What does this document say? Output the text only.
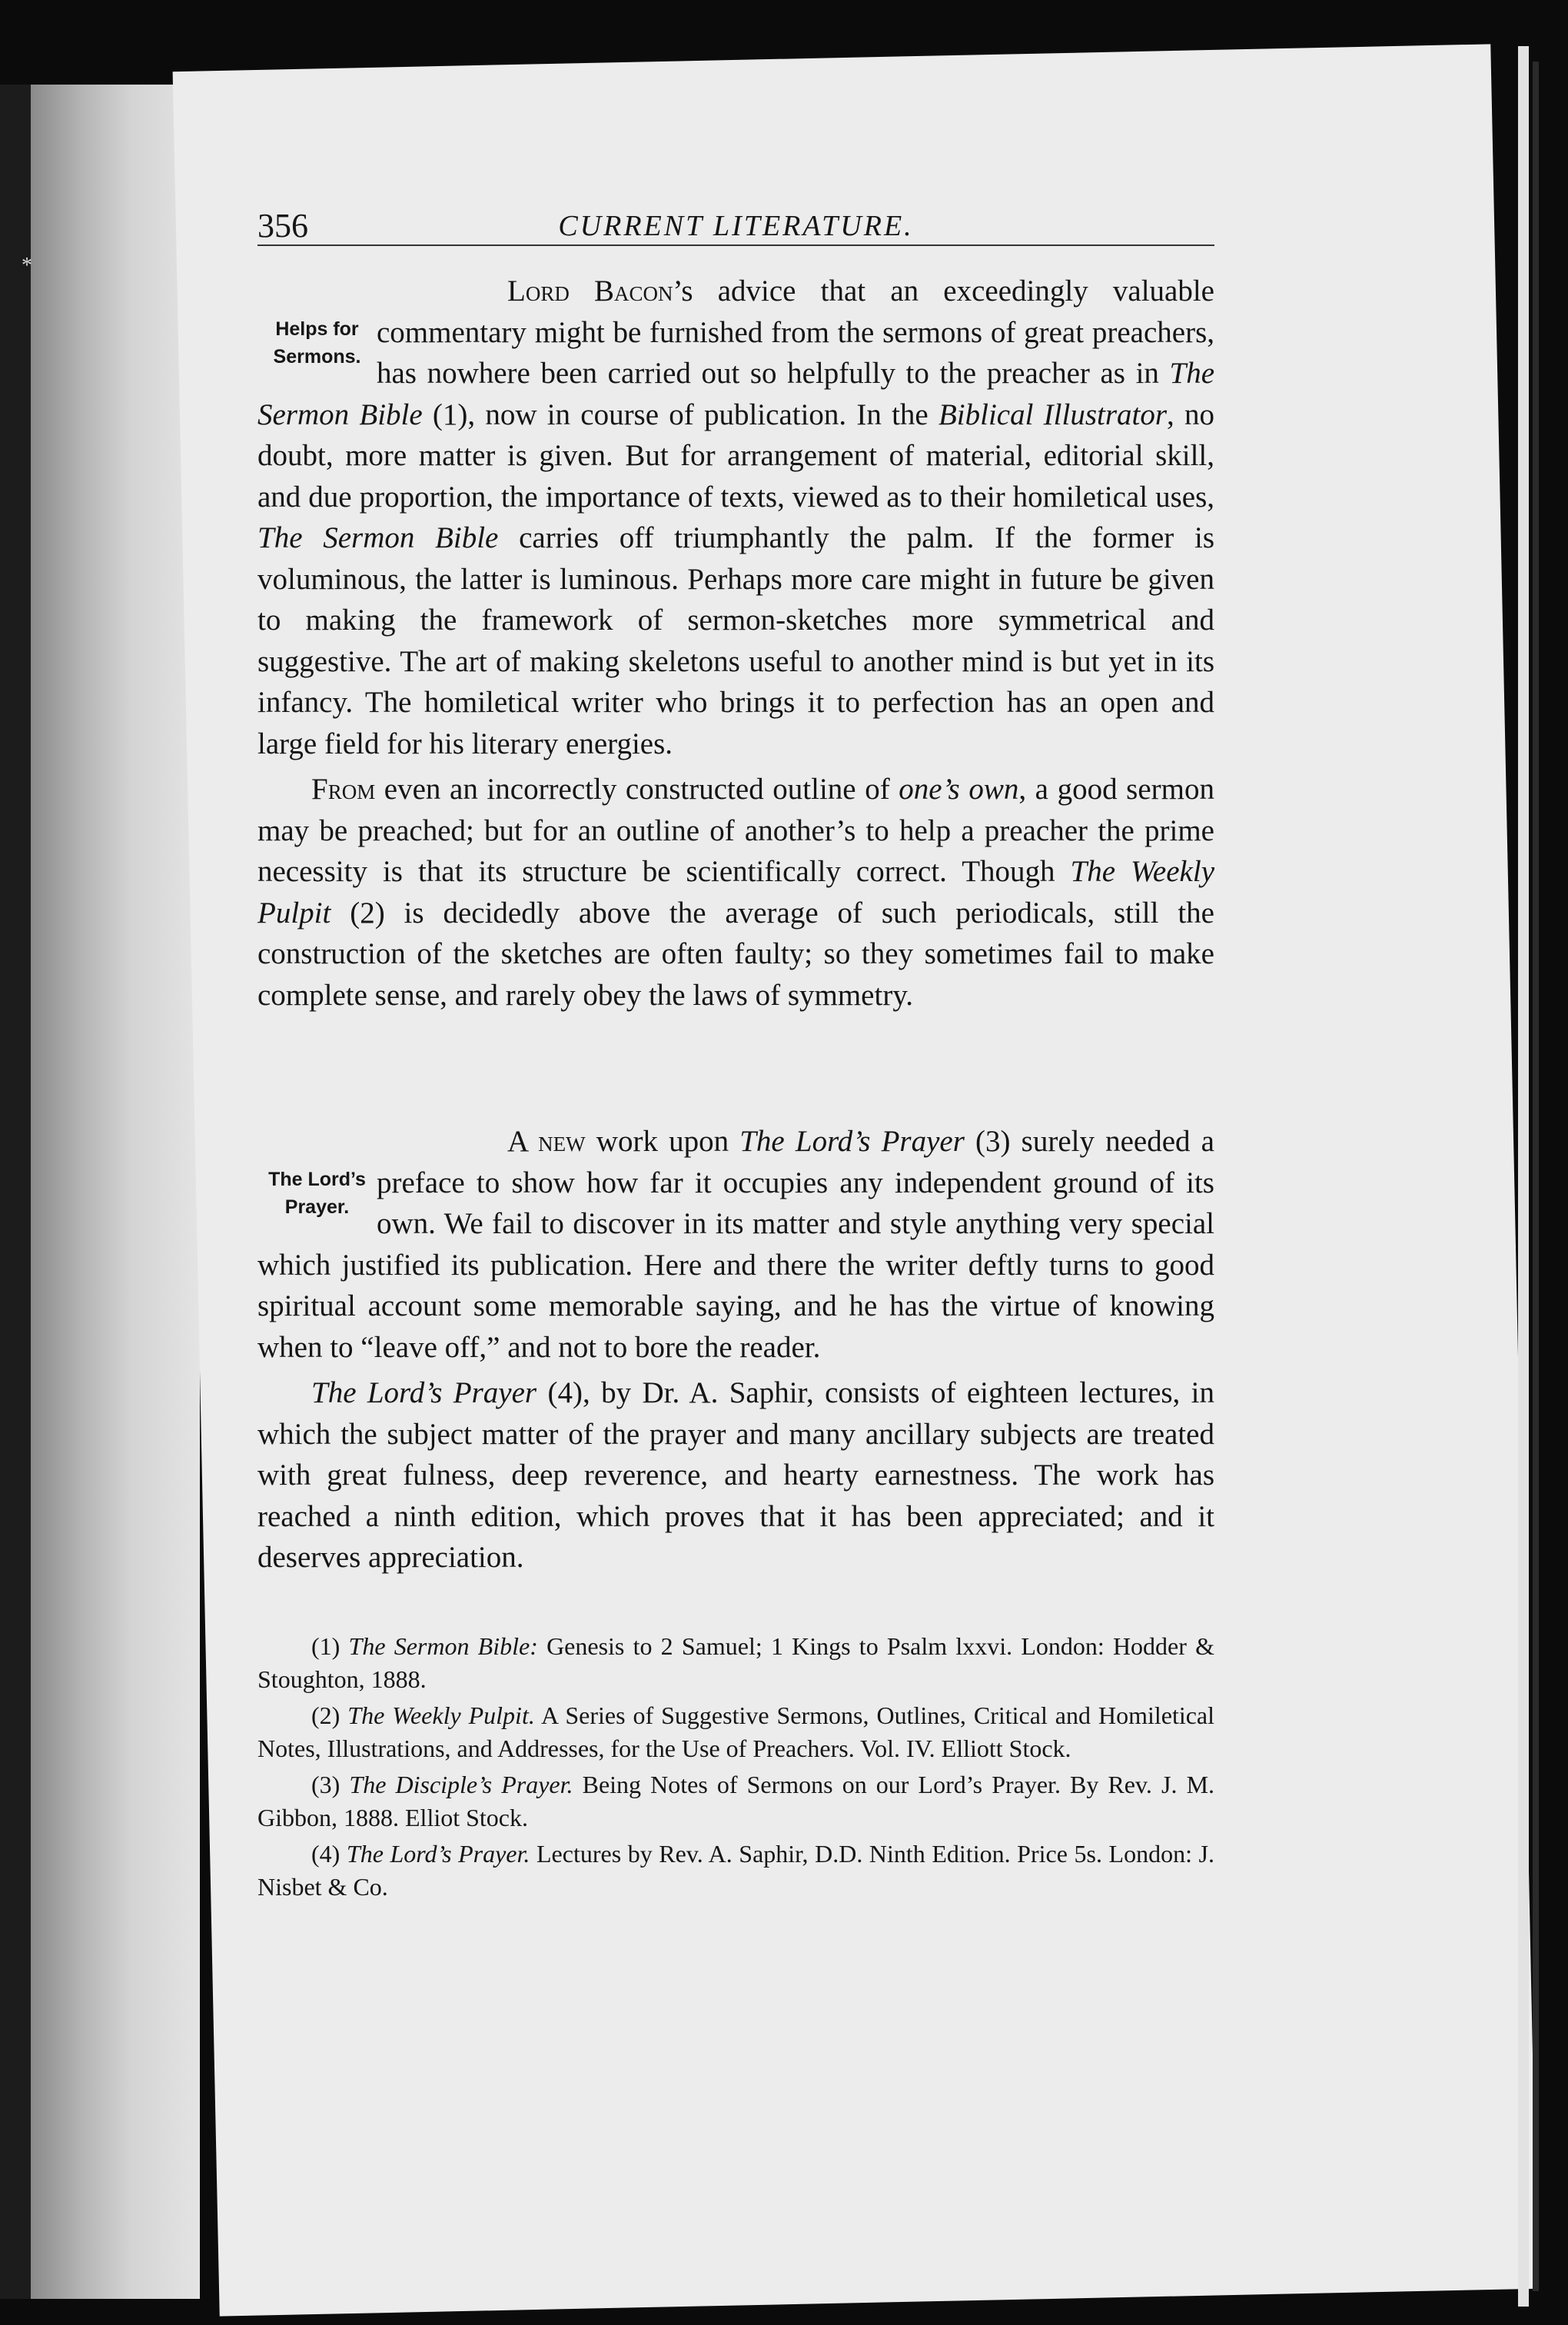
*
356	CURRENT LITERATURE.
Helps for Sermons.

Lord Bacon’s advice that an exceedingly valuable commentary might be furnished from the sermons of great preachers, has nowhere been carried out so helpfully to the preacher as in The Sermon Bible (1), now in course of publication. In the Biblical Illustrator, no doubt, more matter is given. But for arrangement of material, editorial skill, and due proportion, the importance of texts, viewed as to their homiletical uses, The Sermon Bible carries off triumphantly the palm. If the former is voluminous, the latter is luminous. Perhaps more care might in future be given to making the framework of sermon-sketches more symmetrical and suggestive. The art of making skeletons useful to another mind is but yet in its infancy. The homiletical writer who brings it to perfection has an open and large field for his literary energies.

From even an incorrectly constructed outline of one’s own, a good sermon may be preached; but for an outline of another’s to help a preacher the prime necessity is that its structure be scientifically correct. Though The Weekly Pulpit (2) is decidedly above the average of such periodicals, still the construction of the sketches are often faulty; so they sometimes fail to make complete sense, and rarely obey the laws of symmetry.

The Lord’s Prayer.

A new work upon The Lord’s Prayer (3) surely needed a preface to show how far it occupies any independent ground of its own. We fail to discover in its matter and style anything very special which justified its publication. Here and there the writer deftly turns to good spiritual account some memorable saying, and he has the virtue of knowing when to “leave off,” and not to bore the reader.

The Lord’s Prayer (4), by Dr. A. Saphir, consists of eighteen lectures, in which the subject matter of the prayer and many ancillary subjects are treated with great fulness, deep reverence, and hearty earnestness. The work has reached a ninth edition, which proves that it has been appreciated; and it deserves appreciation.

(1) The Sermon Bible: Genesis to 2 Samuel; 1 Kings to Psalm lxxvi. London: Hodder & Stoughton, 1888.

(2) The Weekly Pulpit. A Series of Suggestive Sermons, Outlines, Critical and Homiletical Notes, Illustrations, and Addresses, for the Use of Preachers. Vol. IV. Elliott Stock.

(3) The Disciple’s Prayer. Being Notes of Sermons on our Lord’s Prayer. By Rev. J. M. Gibbon, 1888. Elliot Stock.

(4) The Lord’s Prayer. Lectures by Rev. A. Saphir, D.D. Ninth Edition. Price 5s. London: J. Nisbet & Co.
